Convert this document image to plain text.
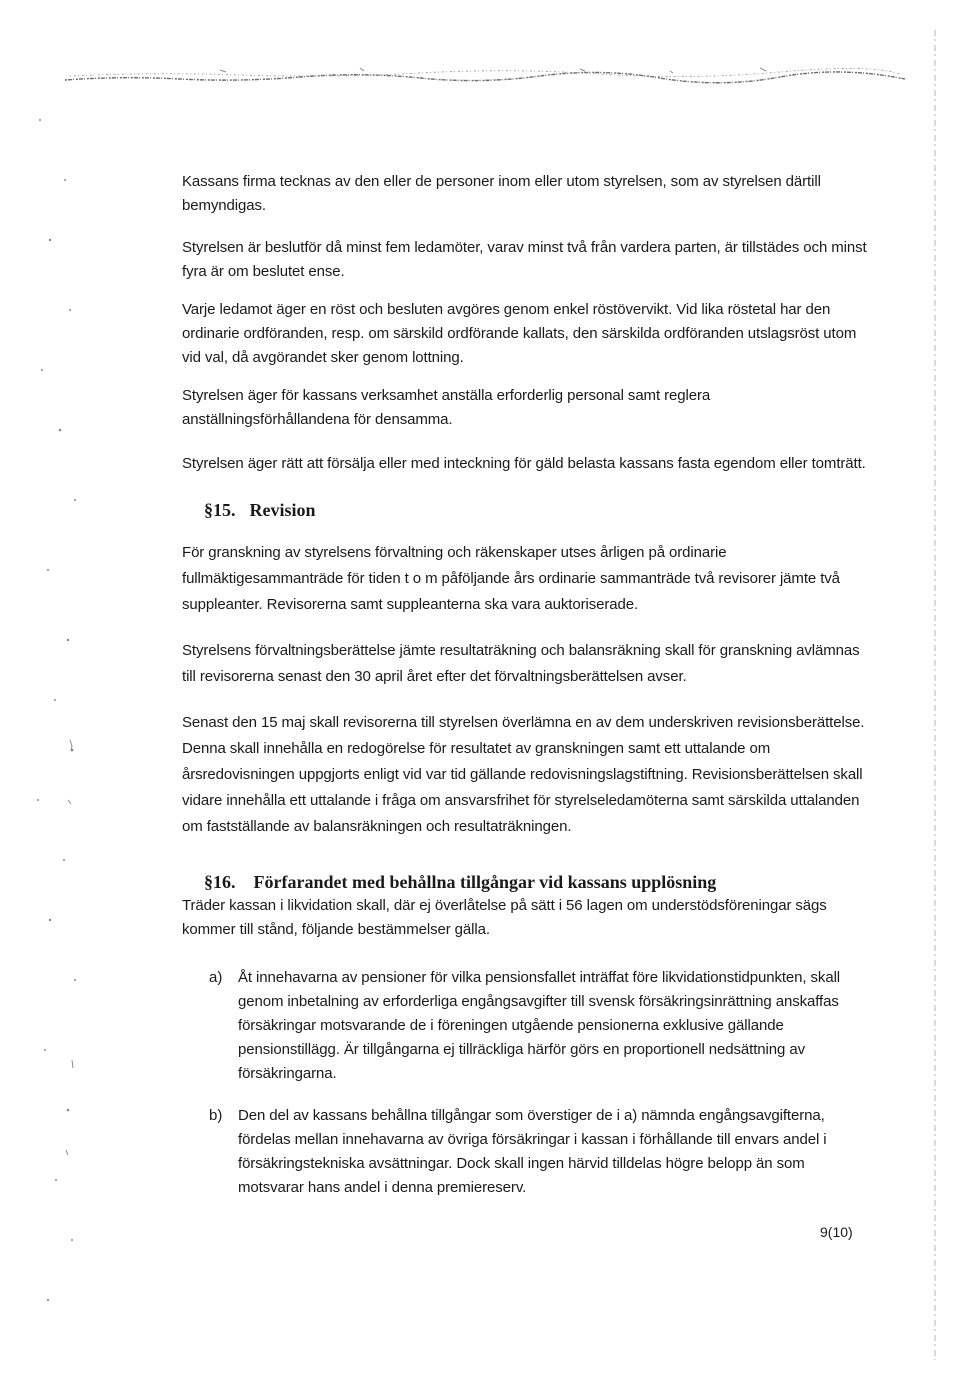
Kassans firma tecknas av den eller de personer inom eller utom styrelsen, som av styrelsen därtill bemyndigas.

Styrelsen är beslutför då minst fem ledamöter, varav minst två från vardera parten, är tillstädes och minst fyra är om beslutet ense.

Varje ledamot äger en röst och besluten avgöres genom enkel röstövervikt. Vid lika röstetal har den ordinarie ordföranden, resp. om särskild ordförande kallats, den särskilda ordföranden utslagsröst utom vid val, då avgörandet sker genom lottning.

Styrelsen äger för kassans verksamhet anställa erforderlig personal samt reglera anställningsförhållandena för densamma.

Styrelsen äger rätt att försälja eller med inteckning för gäld belasta kassans fasta egendom eller tomträtt.

§15. Revision

För granskning av styrelsens förvaltning och räkenskaper utses årligen på ordinarie fullmäktigesammanträde för tiden t o m påföljande års ordinarie sammanträde två revisorer jämte två suppleanter. Revisorerna samt suppleanterna ska vara auktoriserade.

Styrelsens förvaltningsberättelse jämte resultaträkning och balansräkning skall för granskning avlämnas till revisorerna senast den 30 april året efter det förvaltningsberättelsen avser.

Senast den 15 maj skall revisorerna till styrelsen överlämna en av dem underskriven revisionsberättelse. Denna skall innehålla en redogörelse för resultatet av granskningen samt ett uttalande om årsredovisningen uppgjorts enligt vid var tid gällande redovisningslagstiftning. Revisionsberättelsen skall vidare innehålla ett uttalande i fråga om ansvarsfrihet för styrelseledamöterna samt särskilda uttalanden om fastställande av balansräkningen och resultaträkningen.

§16. Förfarandet med behållna tillgångar vid kassans upplösning

Träder kassan i likvidation skall, där ej överlåtelse på sätt i 56 lagen om understödsföreningar sägs kommer till stånd, följande bestämmelser gälla.

a)	Åt innehavarna av pensioner för vilka pensionsfallet inträffat före likvidationstidpunkten, skall genom inbetalning av erforderliga engångsavgifter till svensk försäkringsinrättning anskaffas försäkringar motsvarande de i föreningen utgående pensionerna exklusive gällande pensionstillägg. Är tillgångarna ej tillräckliga härför görs en proportionell nedsättning av försäkringarna.

b)	Den del av kassans behållna tillgångar som överstiger de i a) nämnda engångsavgifterna, fördelas mellan innehavarna av övriga försäkringar i kassan i förhållande till envars andel i försäkringstekniska avsättningar. Dock skall ingen härvid tilldelas högre belopp än som motsvarar hans andel i denna premiereserv.

9(10)
